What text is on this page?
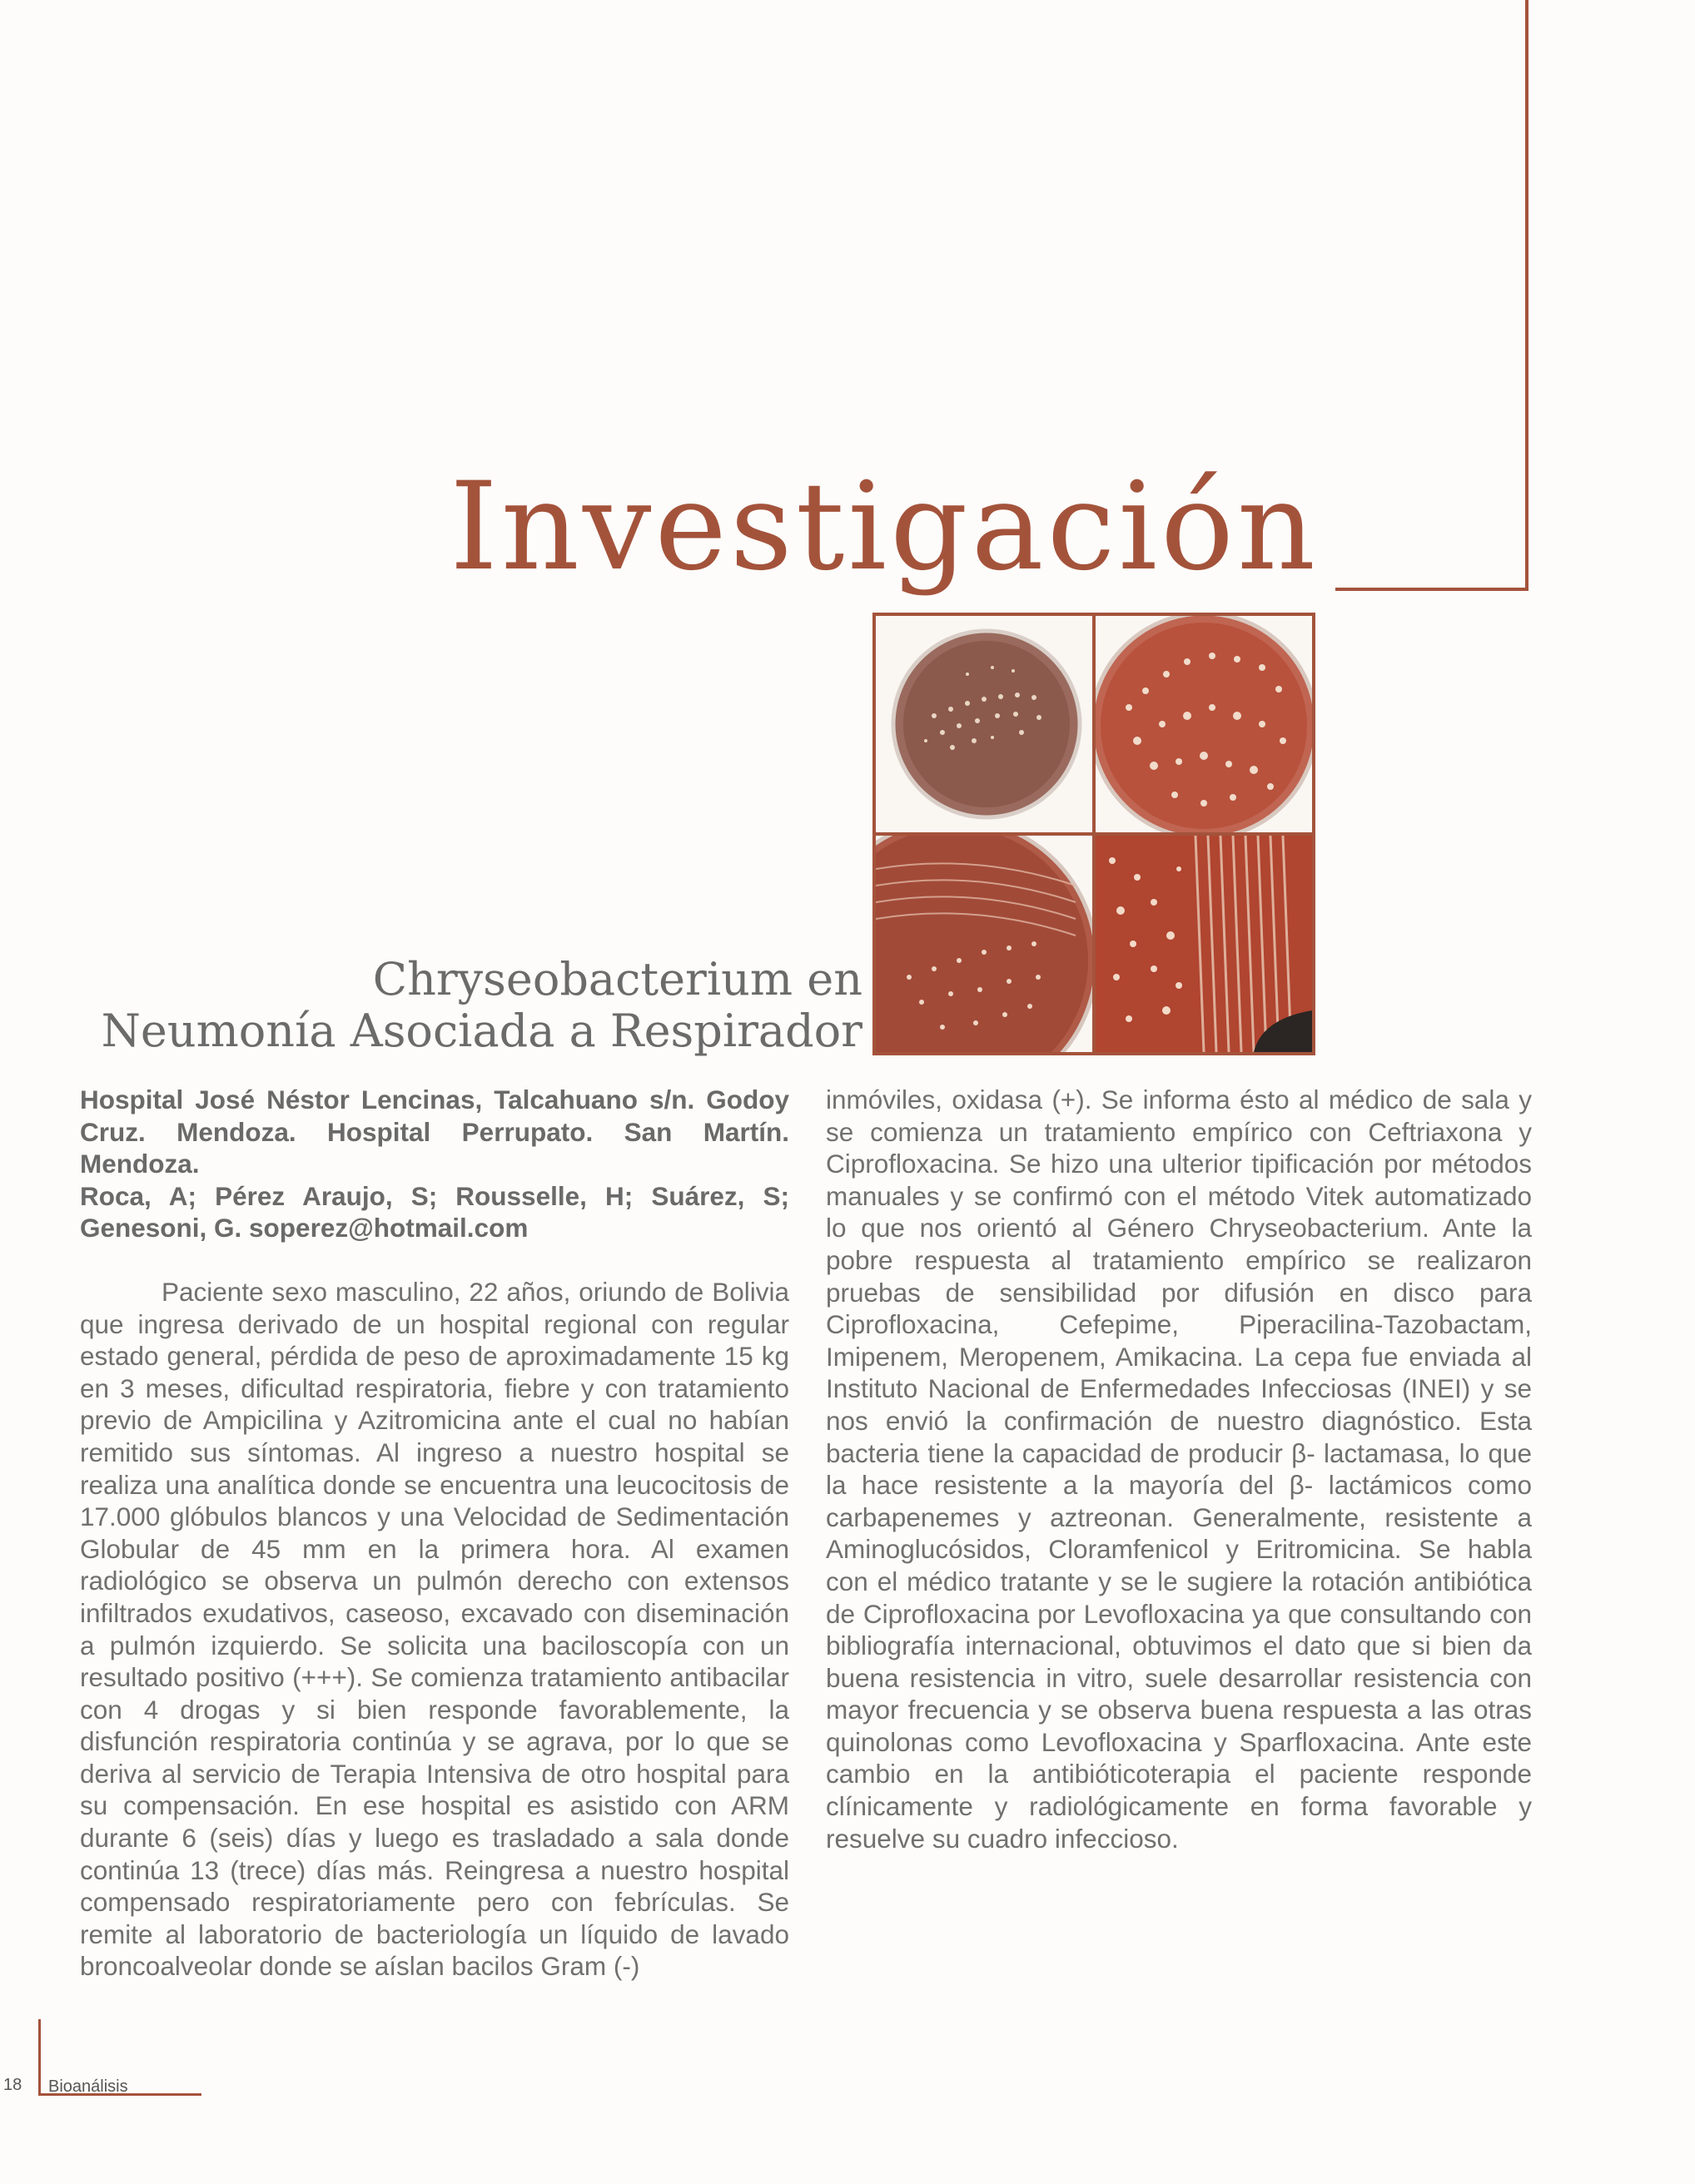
Investigación
Chryseobacterium en
Neumonía Asociada a Respirador

Hospital José Néstor Lencinas, Talcahuano s/n. Godoy Cruz. Mendoza. Hospital Perrupato. San Martín. Mendoza.

Roca, A; Pérez Araujo, S; Rousselle, H; Suárez, S; Genesoni, G. soperez@hotmail.com

Paciente sexo masculino, 22 años, oriundo de Bolivia que ingresa derivado de un hospital regional con regular estado general, pérdida de peso de aproximadamente 15 kg en 3 meses, dificultad respiratoria, fiebre y con tratamiento previo de Ampicilina y Azitromicina ante el cual no habían remitido sus síntomas. Al ingreso a nuestro hospital se realiza una analítica donde se encuentra una leucocitosis de 17.000 glóbulos blancos y una Velocidad de Sedimentación Globular de 45 mm en la primera hora. Al examen radiológico se observa un pulmón derecho con extensos infiltrados exudativos, caseoso, excavado con diseminación a pulmón izquierdo. Se solicita una baciloscopía con un resultado positivo (+++). Se comienza tratamiento antibacilar con 4 drogas y si bien responde favorablemente, la disfunción respiratoria continúa y se agrava, por lo que se deriva al servicio de Terapia Intensiva de otro hospital para su compensación. En ese hospital es asistido con ARM durante 6 (seis) días y luego es trasladado a sala donde continúa 13 (trece) días más. Reingresa a nuestro hospital compensado respiratoriamente pero con febrículas. Se remite al laboratorio de bacteriología un líquido de lavado broncoalveolar donde se aíslan bacilos Gram (-)

inmóviles, oxidasa (+). Se informa ésto al médico de sala y se comienza un tratamiento empírico con Ceftriaxona y Ciprofloxacina. Se hizo una ulterior tipificación por métodos manuales y se confirmó con el método Vitek automatizado lo que nos orientó al Género Chryseobacterium. Ante la pobre respuesta al tratamiento empírico se realizaron pruebas de sensibilidad por difusión en disco para Ciprofloxacina, Cefepime, Piperacilina-Tazobactam, Imipenem, Meropenem, Amikacina. La cepa fue enviada al Instituto Nacional de Enfermedades Infecciosas (INEI) y se nos envió la confirmación de nuestro diagnóstico. Esta bacteria tiene la capacidad de producir β- lactamasa, lo que la hace resistente a la mayoría del β- lactámicos como carbapenemes y aztreonan. Generalmente, resistente a Aminoglucósidos, Cloramfenicol y Eritromicina. Se habla con el médico tratante y se le sugiere la rotación antibiótica de Ciprofloxacina por Levofloxacina ya que consultando con bibliografía internacional, obtuvimos el dato que si bien da buena resistencia in vitro, suele desarrollar resistencia con mayor frecuencia y se observa buena respuesta a las otras quinolonas como Levofloxacina y Sparfloxacina. Ante este cambio en la antibióticoterapia el paciente responde clínicamente y radiológicamente en forma favorable y resuelve su cuadro infeccioso.

18 Bioanálisis
